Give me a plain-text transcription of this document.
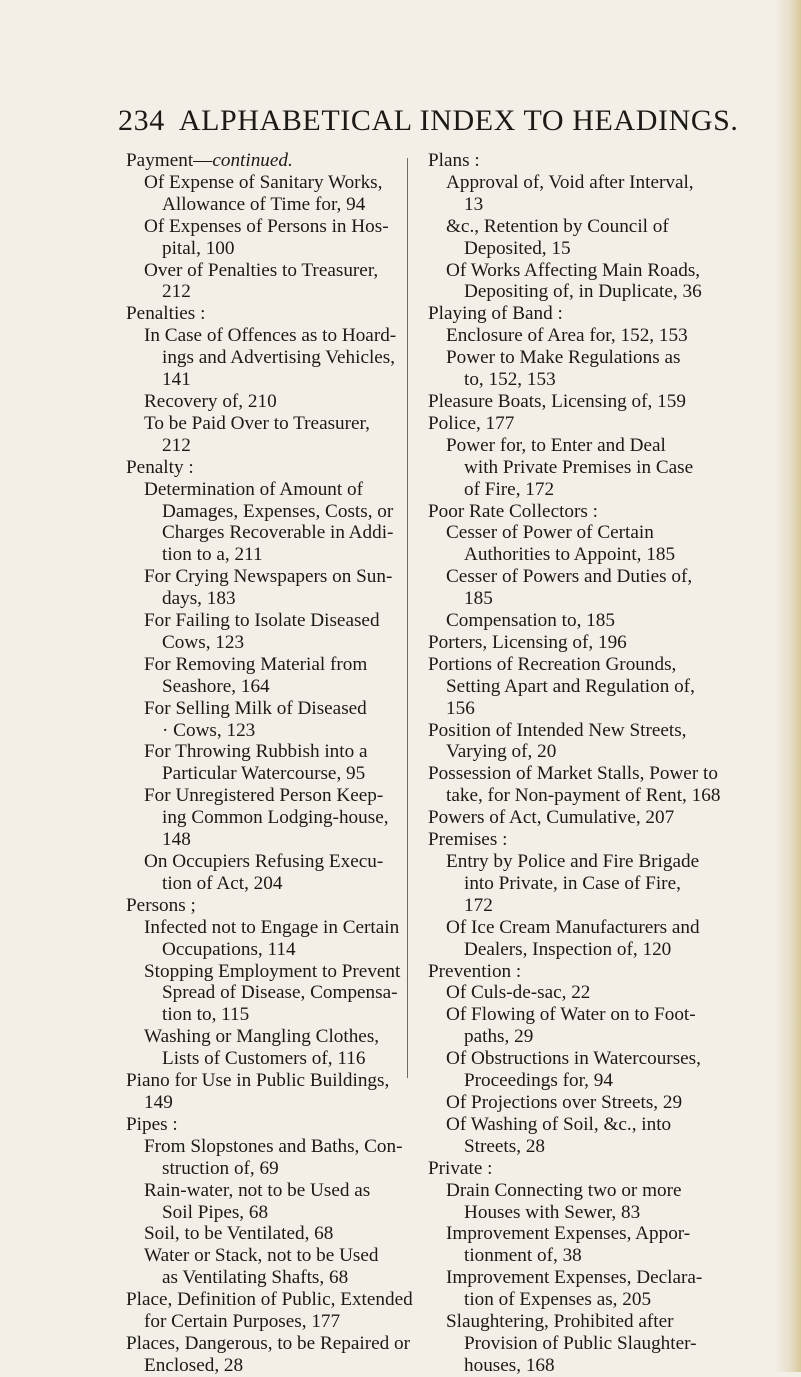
234 ALPHABETICAL INDEX TO HEADINGS.
Payment—continued.
Of Expense of Sanitary Works,
Allowance of Time for, 94
Of Expenses of Persons in Hos-
pital, 100
Over of Penalties to Treasurer,
212
Penalties :
In Case of Offences as to Hoard-
ings and Advertising Vehicles,
141
Recovery of, 210
To be Paid Over to Treasurer,
212
Penalty :
Determination of Amount of
Damages, Expenses, Costs, or
Charges Recoverable in Addi-
tion to a, 211
For Crying Newspapers on Sun-
days, 183
For Failing to Isolate Diseased
Cows, 123
For Removing Material from
Seashore, 164
For Selling Milk of Diseased
· Cows, 123
For Throwing Rubbish into a
Particular Watercourse, 95
For Unregistered Person Keep-
ing Common Lodging-house,
148
On Occupiers Refusing Execu-
tion of Act, 204
Persons ;
Infected not to Engage in Certain
Occupations, 114
Stopping Employment to Prevent
Spread of Disease, Compensa-
tion to, 115
Washing or Mangling Clothes,
Lists of Customers of, 116
Piano for Use in Public Buildings,
149
Pipes :
From Slopstones and Baths, Con-
struction of, 69
Rain-water, not to be Used as
Soil Pipes, 68
Soil, to be Ventilated, 68
Water or Stack, not to be Used
as Ventilating Shafts, 68
Place, Definition of Public, Extended
for Certain Purposes, 177
Places, Dangerous, to be Repaired or
Enclosed, 28
Plans :
Approval of, Void after Interval,
13
&c., Retention by Council of
Deposited, 15
Of Works Affecting Main Roads,
Depositing of, in Duplicate, 36
Playing of Band :
Enclosure of Area for, 152, 153
Power to Make Regulations as
to, 152, 153
Pleasure Boats, Licensing of, 159
Police, 177
Power for, to Enter and Deal
with Private Premises in Case
of Fire, 172
Poor Rate Collectors :
Cesser of Power of Certain
Authorities to Appoint, 185
Cesser of Powers and Duties of,
185
Compensation to, 185
Porters, Licensing of, 196
Portions of Recreation Grounds,
Setting Apart and Regulation of,
156
Position of Intended New Streets,
Varying of, 20
Possession of Market Stalls, Power to
take, for Non-payment of Rent, 168
Powers of Act, Cumulative, 207
Premises :
Entry by Police and Fire Brigade
into Private, in Case of Fire,
172
Of Ice Cream Manufacturers and
Dealers, Inspection of, 120
Prevention :
Of Culs-de-sac, 22
Of Flowing of Water on to Foot-
paths, 29
Of Obstructions in Watercourses,
Proceedings for, 94
Of Projections over Streets, 29
Of Washing of Soil, &c., into
Streets, 28
Private :
Drain Connecting two or more
Houses with Sewer, 83
Improvement Expenses, Appor-
tionment of, 38
Improvement Expenses, Declara-
tion of Expenses as, 205
Slaughtering, Prohibited after
Provision of Public Slaughter-
houses, 168
